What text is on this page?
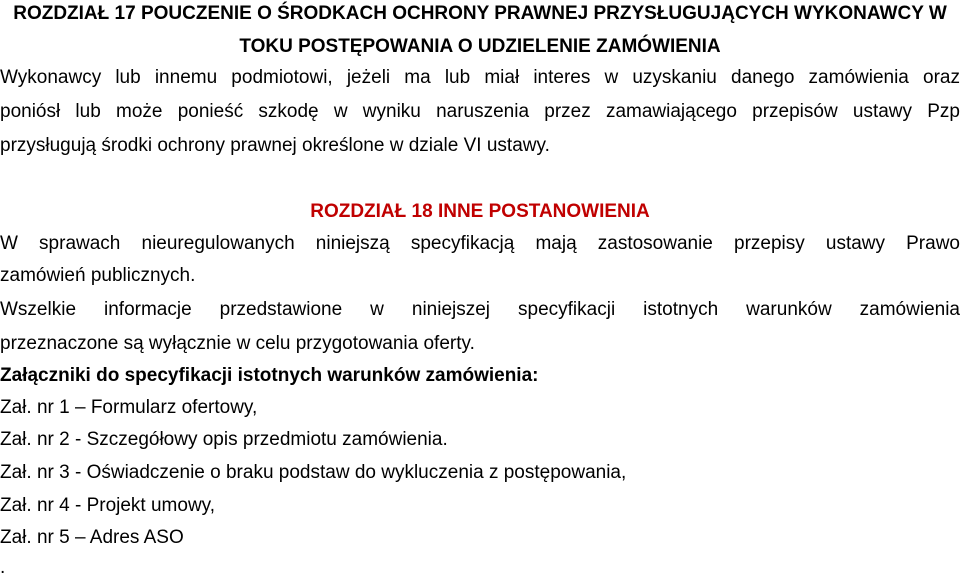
ROZDZIAŁ 17 POUCZENIE O ŚRODKACH OCHRONY PRAWNEJ PRZYSŁUGUJĄCYCH WYKONAWCY W
TOKU POSTĘPOWANIA O UDZIELENIE ZAMÓWIENIA
Wykonawcy lub innemu podmiotowi, jeżeli ma lub miał interes w uzyskaniu danego zamówienia oraz
poniósł lub może ponieść szkodę w wyniku naruszenia przez zamawiającego przepisów ustawy Pzp
przysługują środki ochrony prawnej określone w dziale VI ustawy.
ROZDZIAŁ 18 INNE POSTANOWIENIA
W sprawach nieuregulowanych niniejszą specyfikacją mają zastosowanie przepisy ustawy Prawo
zamówień publicznych.
Wszelkie informacje przedstawione w niniejszej specyfikacji istotnych warunków zamówienia
przeznaczone są wyłącznie w celu przygotowania oferty.
Załączniki do specyfikacji istotnych warunków zamówienia:
Zał. nr 1 – Formularz ofertowy,
Zał. nr 2 - Szczegółowy opis przedmiotu zamówienia.
Zał. nr 3 - Oświadczenie o braku podstaw do wykluczenia z postępowania,
Zał. nr 4 - Projekt umowy,
Zał. nr 5 – Adres ASO
.
